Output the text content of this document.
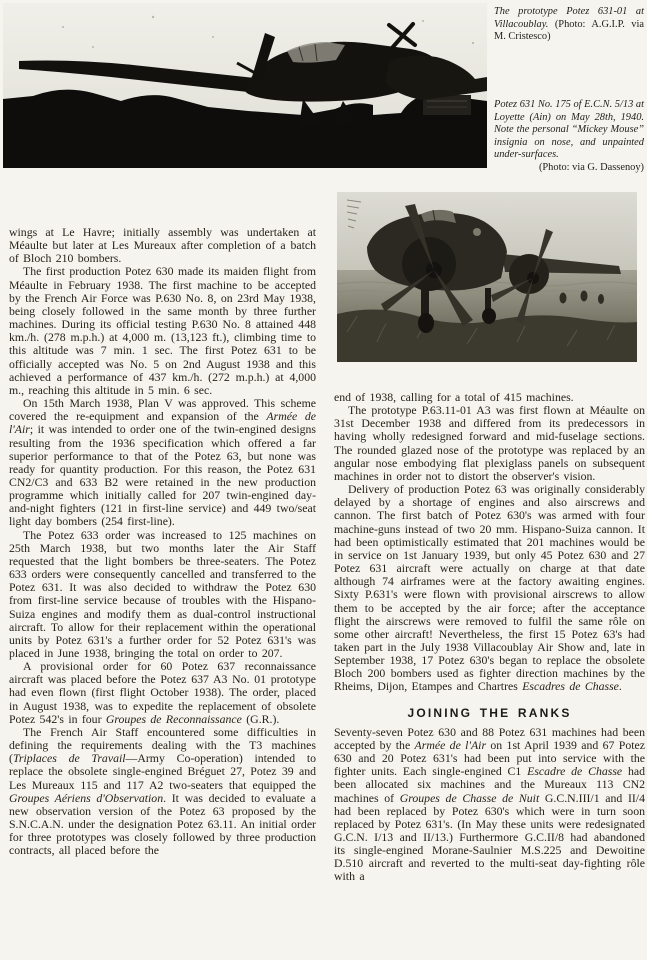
The prototype Potez 631-01 at Villacoublay. (Photo: A.G.I.P. via M. Cristesco)
Potez 631 No. 175 of E.C.N. 5/13 at Loyette (Ain) on May 28th, 1940. Note the personal “Mickey Mouse” insignia on nose, and unpainted under-surfaces.
(Photo: via G. Dassenoy)

wings at Le Havre; initially assembly was undertaken at Méaulte but later at Les Mureaux after completion of a batch of Bloch 210 bombers.

The first production Potez 630 made its maiden flight from Méaulte in February 1938. The first machine to be accepted by the French Air Force was P.630 No. 8, on 23rd May 1938, being closely followed in the same month by three further machines. During its official testing P.630 No. 8 attained 448 km./h. (278 m.p.h.) at 4,000 m. (13,123 ft.), climbing time to this altitude was 7 min. 1 sec. The first Potez 631 to be officially accepted was No. 5 on 2nd August 1938 and this achieved a performance of 437 km./h. (272 m.p.h.) at 4,000 m., reaching this altitude in 5 min. 6 sec.

On 15th March 1938, Plan V was approved. This scheme covered the re-equipment and expansion of the Armée de l'Air; it was intended to order one of the twin-engined designs resulting from the 1936 specification which offered a far superior performance to that of the Potez 63, but none was ready for quantity production. For this reason, the Potez 631 CN2/C3 and 633 B2 were retained in the new production programme which initially called for 207 twin-engined day-and-night fighters (121 in first-line service) and 449 two/seat light day bombers (254 first-line).

The Potez 633 order was increased to 125 machines on 25th March 1938, but two months later the Air Staff requested that the light bombers be three-seaters. The Potez 633 orders were consequently cancelled and transferred to the Potez 631. It was also decided to withdraw the Potez 630 from first-line service because of troubles with the Hispano-Suiza engines and modify them as dual-control instructional aircraft. To allow for their replacement within the operational units by Potez 631's a further order for 52 Potez 631's was placed in June 1938, bringing the total on order to 207.

A provisional order for 60 Potez 637 reconnaissance aircraft was placed before the Potez 637 A3 No. 01 prototype had even flown (first flight October 1938). The order, placed in August 1938, was to expedite the replacement of obsolete Potez 542's in four Groupes de Reconnaissance (G.R.).

The French Air Staff encountered some difficulties in defining the requirements dealing with the T3 machines (Triplaces de Travail—Army Co-operation) intended to replace the obsolete single-engined Bréguet 27, Potez 39 and Les Mureaux 115 and 117 A2 two-seaters that equipped the Groupes Aériens d'Observation. It was decided to evaluate a new observation version of the Potez 63 proposed by the S.N.C.A.N. under the designation Potez 63.11. An initial order for three prototypes was closely followed by three production contracts, all placed before the

end of 1938, calling for a total of 415 machines.

The prototype P.63.11-01 A3 was first flown at Méaulte on 31st December 1938 and differed from its predecessors in having wholly redesigned forward and mid-fuselage sections. The rounded glazed nose of the prototype was replaced by an angular nose embodying flat plexiglass panels on subsequent machines in order not to distort the observer's vision.

Delivery of production Potez 63 was originally considerably delayed by a shortage of engines and also airscrews and cannon. The first batch of Potez 630's was armed with four machine-guns instead of two 20 mm. Hispano-Suiza cannon. It had been optimistically estimated that 201 machines would be in service on 1st January 1939, but only 45 Potez 630 and 27 Potez 631 aircraft were actually on charge at that date although 74 airframes were at the factory awaiting engines. Sixty P.631's were flown with provisional airscrews to allow them to be accepted by the air force; after the acceptance flight the airscrews were removed to fulfil the same rôle on some other aircraft! Nevertheless, the first 15 Potez 63's had taken part in the July 1938 Villacoublay Air Show and, late in September 1938, 17 Potez 630's began to replace the obsolete Bloch 200 bombers used as fighter direction machines by the Rheims, Dijon, Etampes and Chartres Escadres de Chasse.

JOINING THE RANKS

Seventy-seven Potez 630 and 88 Potez 631 machines had been accepted by the Armée de l'Air on 1st April 1939 and 67 Potez 630 and 20 Potez 631's had been put into service with the fighter units. Each single-engined C1 Escadre de Chasse had been allocated six machines and the Mureaux 113 CN2 machines of Groupes de Chasse de Nuit G.C.N.III/1 and II/4 had been replaced by Potez 630's which were in turn soon replaced by Potez 631's. (In May these units were redesignated G.C.N. I/13 and II/13.) Furthermore G.C.II/8 had abandoned its single-engined Morane-Saulnier M.S.225 and Dewoitine D.510 aircraft and reverted to the multi-seat day-fighting rôle with a
